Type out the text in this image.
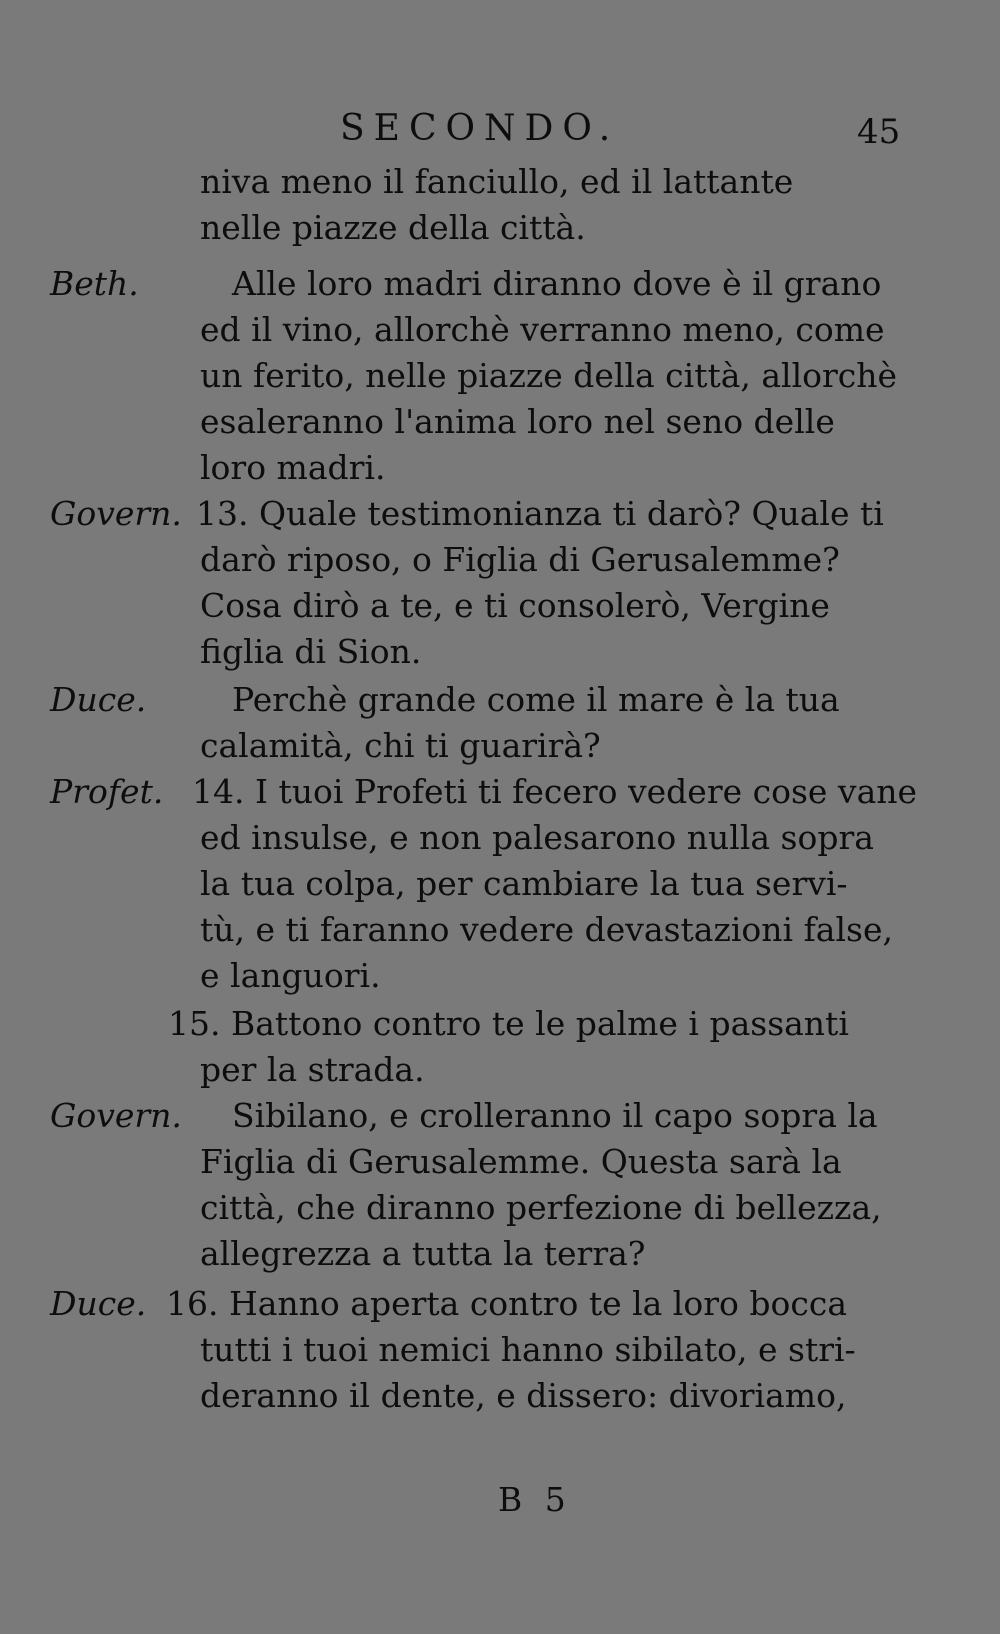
SECONDO.	45
Beth.
Govern.
Duce.
Profet.
Govern.
Duce.
niva meno il fanciullo, ed il lattante
nelle piazze della città.
Alle loro madri diranno dove è il grano
ed il vino, allorchè verranno meno, come
un ferito, nelle piazze della città, allorchè
esaleranno l'anima loro nel seno delle
loro madri.
13. Quale testimonianza ti darò? Quale ti
darò riposo, o Figlia di Gerusalemme?
Cosa dirò a te, e ti consolerò, Vergine
figlia di Sion.
Perchè grande come il mare è la tua
calamità, chi ti guarirà?
14. I tuoi Profeti ti fecero vedere cose vane
ed insulse, e non palesarono nulla sopra
la tua colpa, per cambiare la tua servi-
tù, e ti faranno vedere devastazioni false,
e languori.
15. Battono contro te le palme i passanti
per la strada.
Sibilano, e crolleranno il capo sopra la
Figlia di Gerusalemme. Questa sarà la
città, che diranno perfezione di bellezza,
allegrezza a tutta la terra?
16. Hanno aperta contro te la loro bocca
tutti i tuoi nemici hanno sibilato, e stri-
deranno il dente, e dissero: divoriamo,
B 5
